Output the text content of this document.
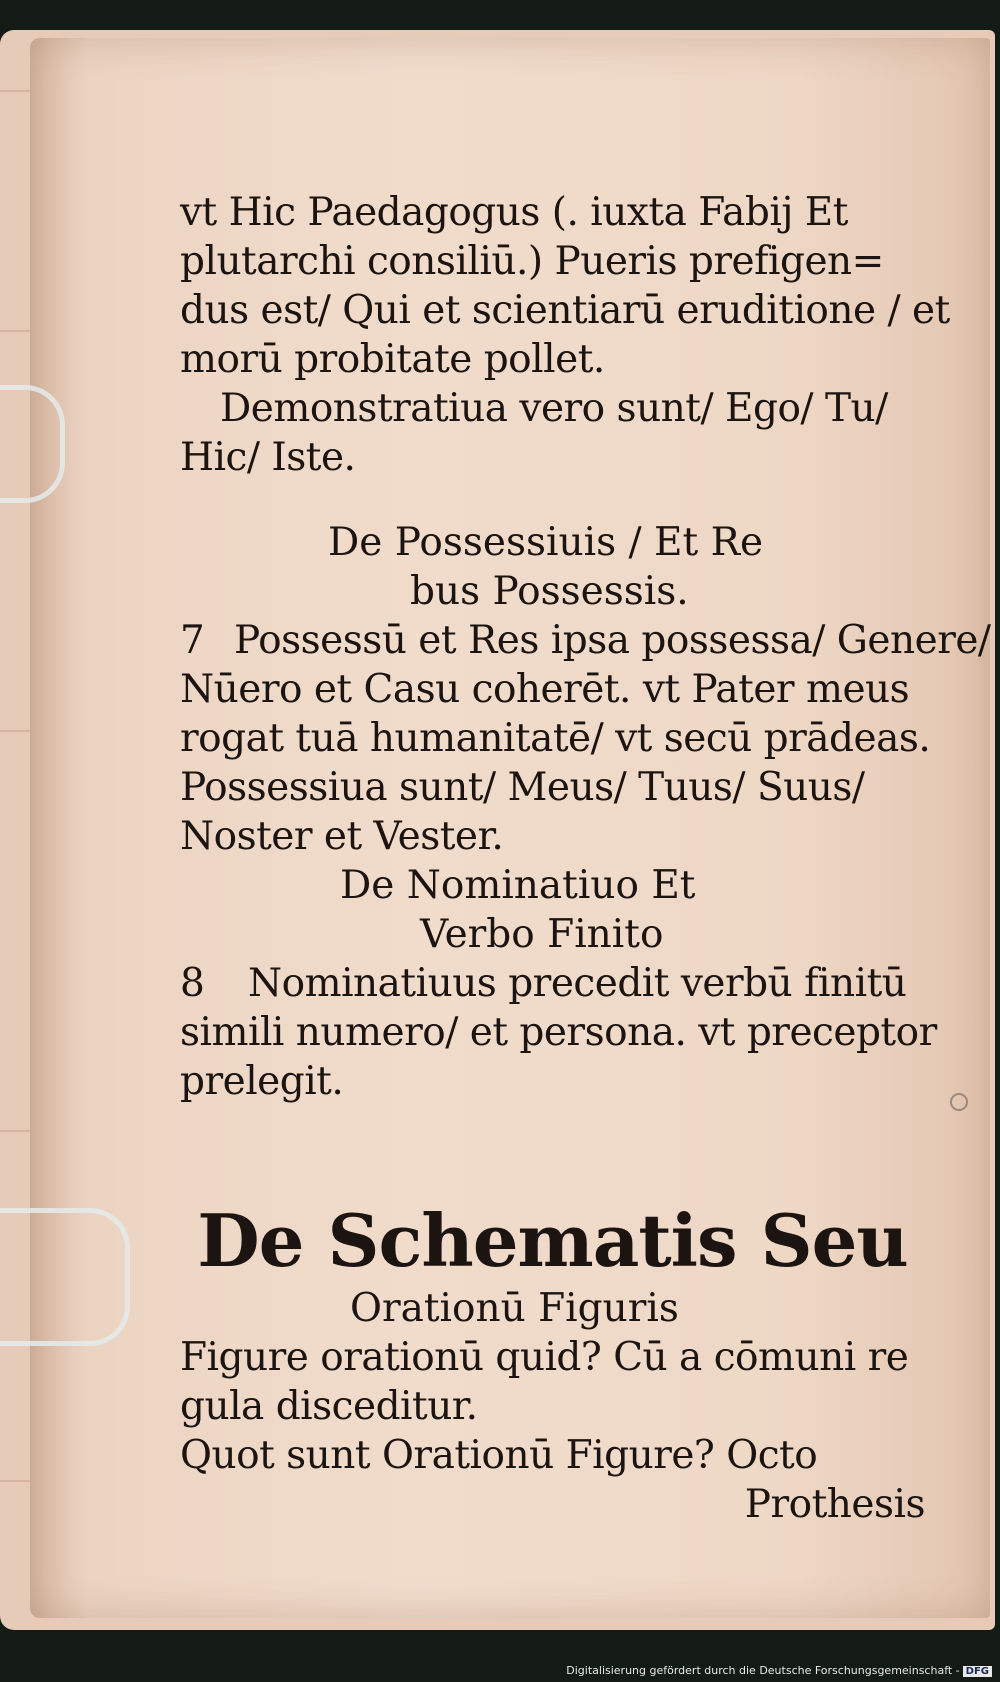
vt Hic Paedagogus (. iuxta Fabij Et
plutarchi consiliū.) Pueris prefigen=
dus est/ Qui et scientiarū eruditione / et
morū probitate pollet.
Demonstratiua vero sunt/ Ego/ Tu/
Hic/ Iste.
De Possessiuis / Et Re
bus Possessis.
7 Possessū et Res ipsa possessa/ Genere/
Nūero et Casu coherēt. vt Pater meus
rogat tuā humanitatē/ vt secū prādeas.
Possessiua sunt/ Meus/ Tuus/ Suus/
Noster et Vester.
De Nominatiuo Et
Verbo Finito
8 Nominatiuus precedit verbū finitū
simili numero/ et persona. vt preceptor
prelegit.
De Schematis Seu
Orationū Figuris
Figure orationū quid? Cū a cōmuni re
gula disceditur.
Quot sunt Orationū Figure? Octo
Prothesis
Digitalisierung gefördert durch die Deutsche Forschungsgemeinschaft - DFG
